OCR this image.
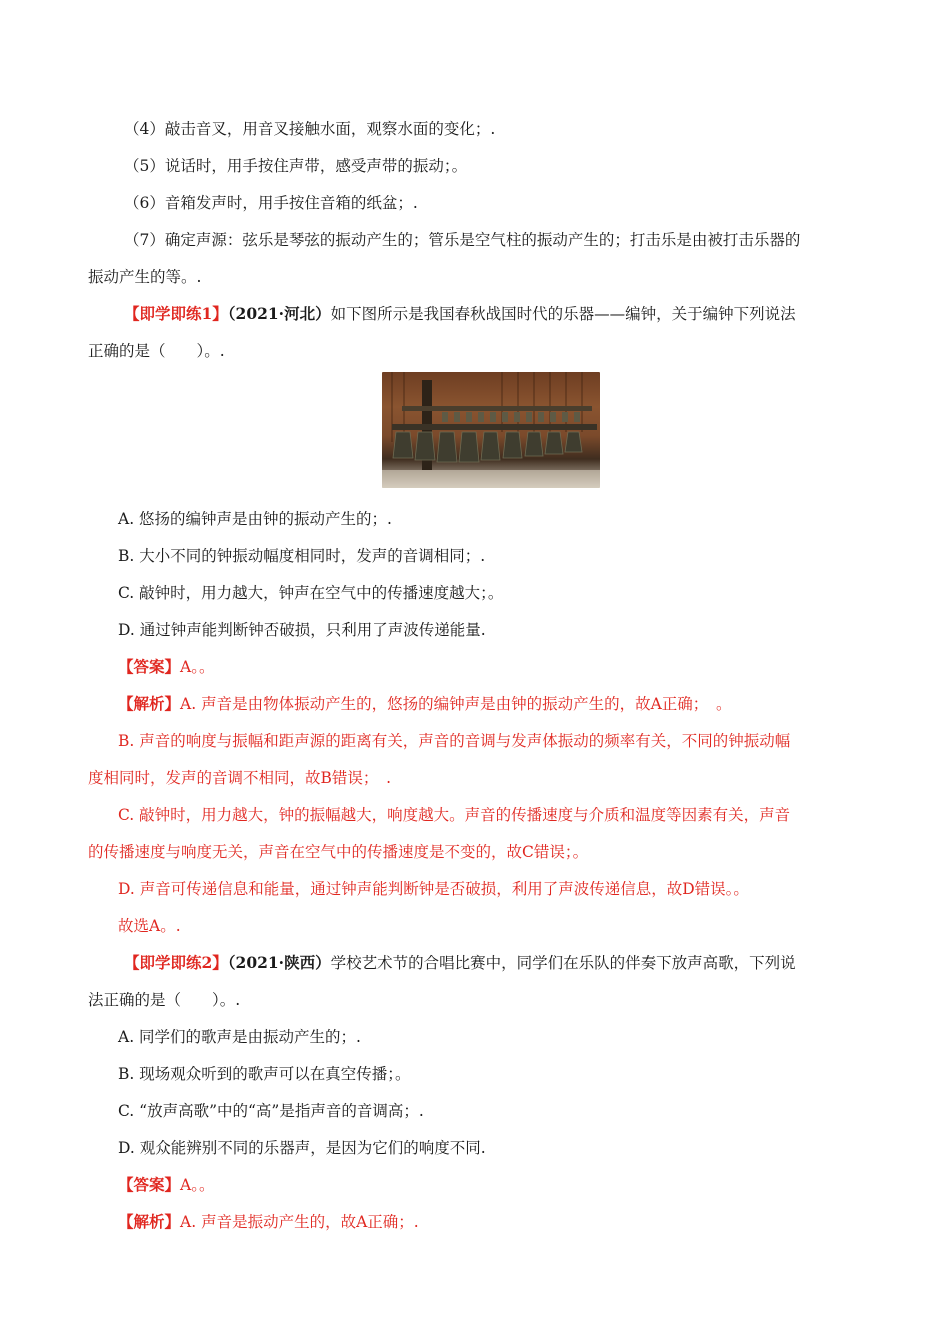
（4）敲击音叉，用音叉接触水面，观察水面的变化；.
（5）说话时，用手按住声带，感受声带的振动；。
（6）音箱发声时，用手按住音箱的纸盆；.
（7）确定声源：弦乐是琴弦的振动产生的；管乐是空气柱的振动产生的；打击乐是由被打击乐器的
振动产生的等。.
【即学即练1】（2021·河北）如下图所示是我国春秋战国时代的乐器——编钟，关于编钟下列说法
正确的是（　　）。.
A. 悠扬的编钟声是由钟的振动产生的；.
B. 大小不同的钟振动幅度相同时，发声的音调相同；.
C. 敲钟时，用力越大，钟声在空气中的传播速度越大；。
D. 通过钟声能判断钟否破损，只利用了声波传递能量.
【答案】A。。
【解析】A. 声音是由物体振动产生的，悠扬的编钟声是由钟的振动产生的，故A正确；　。
B. 声音的响度与振幅和距声源的距离有关，声音的音调与发声体振动的频率有关，不同的钟振动幅
度相同时，发声的音调不相同，故B错误；　.
C. 敲钟时，用力越大，钟的振幅越大，响度越大。声音的传播速度与介质和温度等因素有关，声音
的传播速度与响度无关，声音在空气中的传播速度是不变的，故C错误；。
D. 声音可传递信息和能量，通过钟声能判断钟是否破损，利用了声波传递信息，故D错误。。
故选A。.
【即学即练2】（2021·陕西）学校艺术节的合唱比赛中，同学们在乐队的伴奏下放声高歌，下列说
法正确的是（　　）。.
A. 同学们的歌声是由振动产生的；.
B. 现场观众听到的歌声可以在真空传播；。
C. “放声高歌”中的“高”是指声音的音调高；.
D. 观众能辨别不同的乐器声，是因为它们的响度不同.
【答案】A。。
【解析】A. 声音是振动产生的，故A正确；.
